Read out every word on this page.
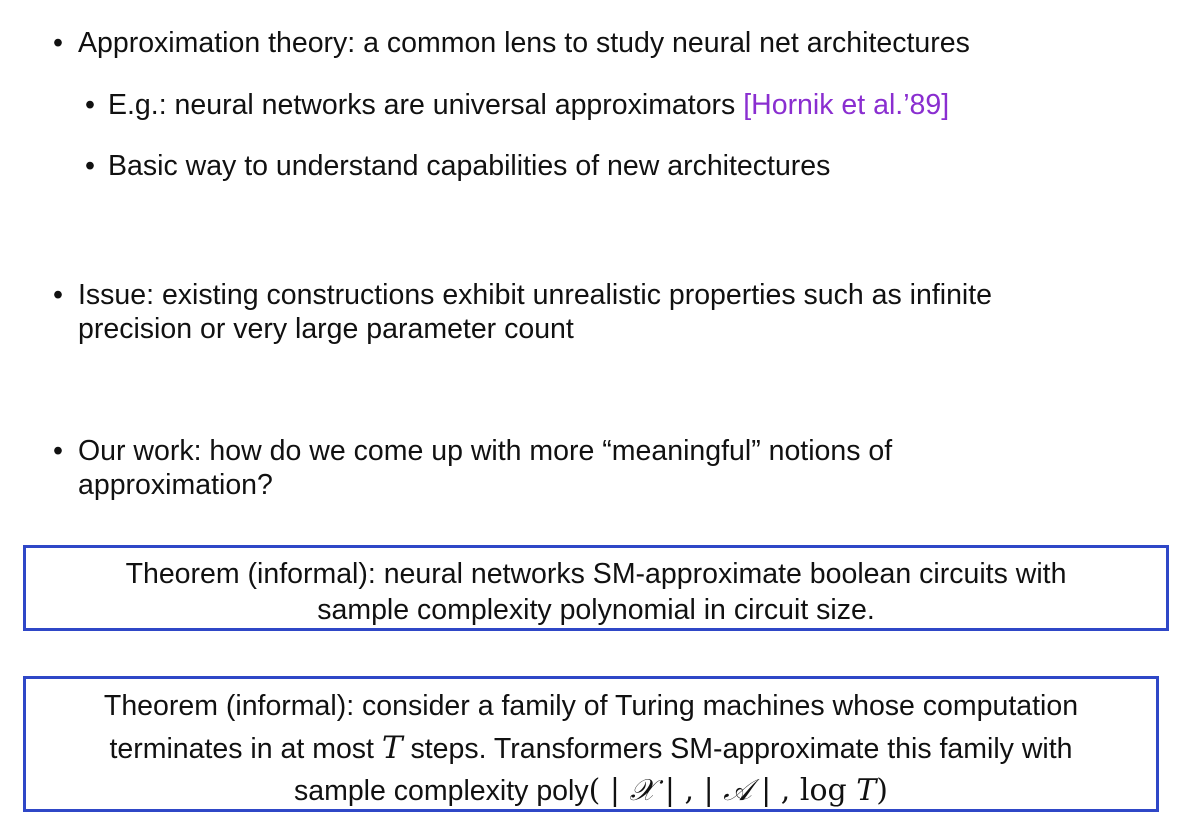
• Approximation theory: a common lens to study neural net architectures
• E.g.: neural networks are universal approximators [Hornik et al.’89]
• Basic way to understand capabilities of new architectures
• Issue: existing constructions exhibit unrealistic properties such as infinite
precision or very large parameter count
• Our work: how do we come up with more “meaningful” notions of
approximation?
Theorem (informal): neural networks SM-approximate boolean circuits with
sample complexity polynomial in circuit size.
Theorem (informal): consider a family of Turing machines whose computation
terminates in at most T steps. Transformers SM-approximate this family with
sample complexity poly( | 𝒳 | , | 𝒜 | , log T)
